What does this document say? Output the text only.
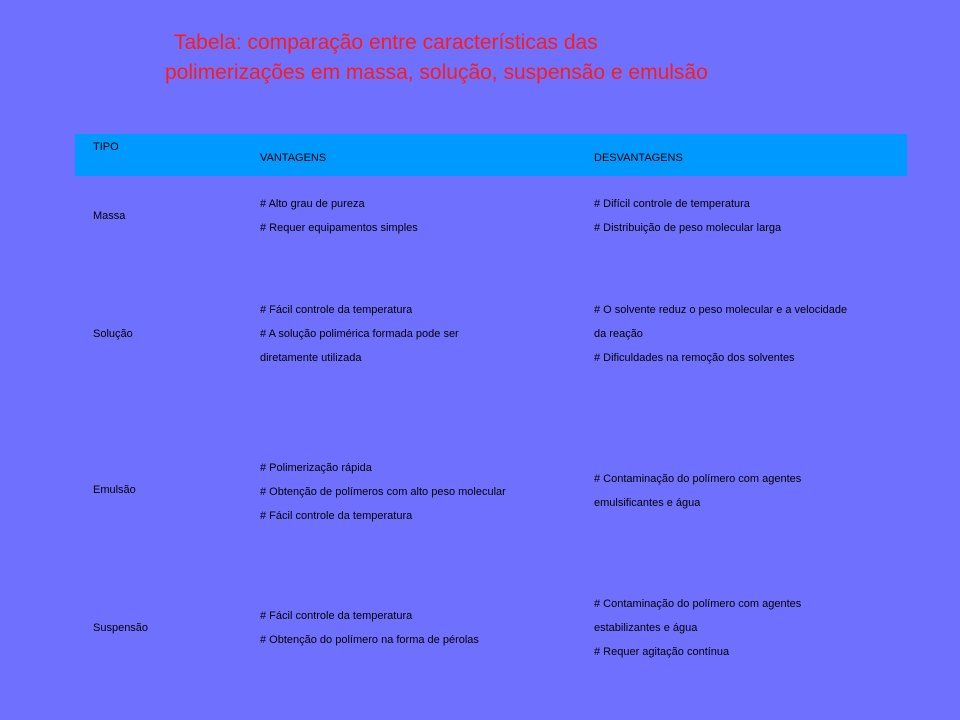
Tabela: comparação entre características das
polimerizações em massa, solução, suspensão e emulsão
TIPO
VANTAGENS	DESVANTAGENS
Massa
# Alto grau de pureza
# Requer equipamentos simples
# Difícil controle de temperatura
# Distribuição de peso molecular larga
Solução
# Fácil controle da temperatura
# A solução polimérica formada pode ser
diretamente utilizada
# O solvente reduz o peso molecular e a velocidade
da reação
# Dificuldades na remoção dos solventes
Emulsão
# Polimerização rápida
# Obtenção de polímeros com alto peso molecular
# Fácil controle da temperatura
# Contaminação do polímero com agentes
emulsificantes e água
Suspensão
# Fácil controle da temperatura
# Obtenção do polímero na forma de pérolas
# Contaminação do polímero com agentes
estabilizantes e água
# Requer agitação contínua
